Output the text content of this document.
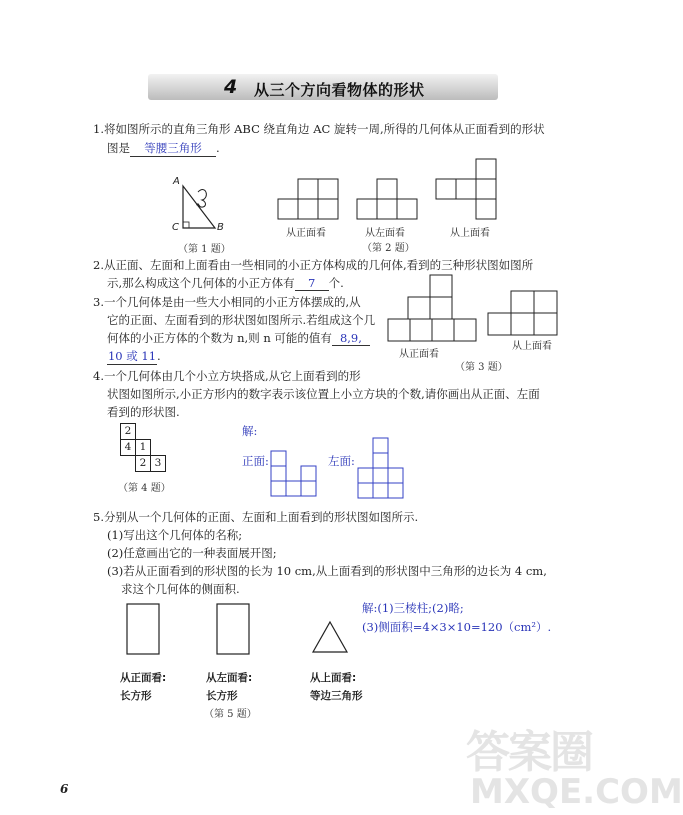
4 从三个方向看物体的形状
1.将如图所示的直角三角形 ABC 绕直角边 AC 旋转一周,所得的几何体从正面看到的形状
图是 等腰三角形 .
A
C	B
（第 1 题）
从正面看	从左面看	从上面看
（第 2 题）
2.从正面、左面和上面看由一些相同的小正方体构成的几何体,看到的三种形状图如图所
示,那么构成这个几何体的小正方体有 7 个.
3.一个几何体是由一些大小相同的小正方体摆成的,从
它的正面、左面看到的形状图如图所示.若组成这个几
何体的小正方体的个数为 n,则 n 可能的值有 8,9,
10 或 11.	从正面看
从上面看
（第 3 题）
4.一个几何体由几个小立方块搭成,从它上面看到的形
状图如图所示,小正方形内的数字表示该位置上小立方块的个数,请你画出从正面、左面
看到的形状图.
2
4 1
2 3
（第 4 题）
解:
正面:	左面:
5.分别从一个几何体的正面、左面和上面看到的形状图如图所示.
(1)写出这个几何体的名称;
(2)任意画出它的一种表面展开图;
(3)若从正面看到的形状图的长为 10 cm,从上面看到的形状图中三角形的边长为 4 cm,
求这个几何体的侧面积.
从正面看:
长方形
从左面看:
长方形
从上面看:
等边三角形
（第 5 题）
解:(1)三棱柱;(2)略;
(3)侧面积=4×3×10=120（cm²）.
6
答案圈
MXQE.COM
